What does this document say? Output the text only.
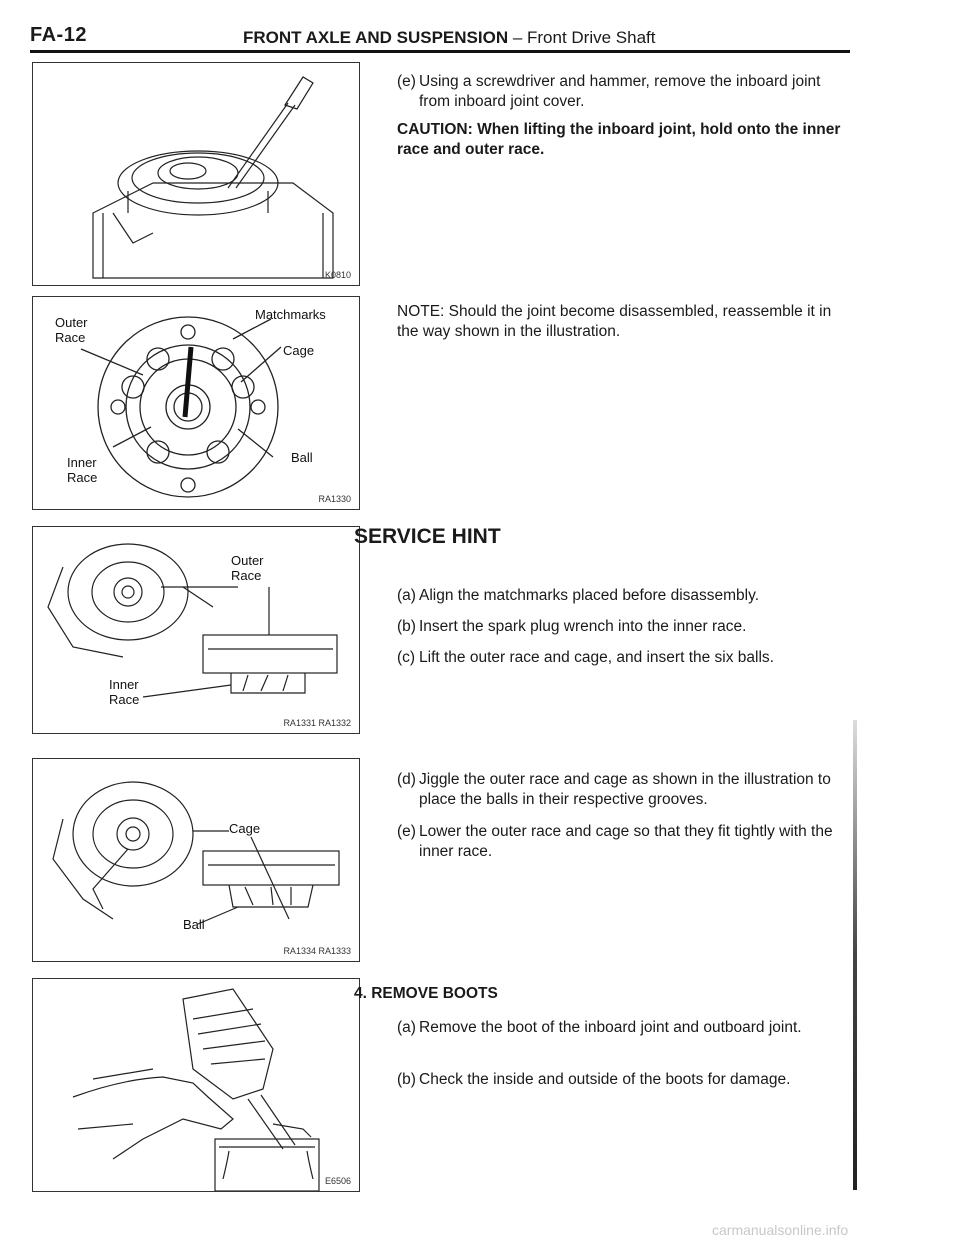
FA-12	FRONT AXLE AND SUSPENSION – Front Drive Shaft
K0810
Outer Race
Matchmarks
Cage
Inner Race
Ball
RA1330
Outer Race
Inner Race
RA1331 RA1332
Cage
Ball
RA1334 RA1333
E6506
(e) Using a screwdriver and hammer, remove the inboard joint from inboard joint cover.
CAUTION: When lifting the inboard joint, hold onto the inner race and outer race.
NOTE: Should the joint become disassembled, reassemble it in the way shown in the illustration.
SERVICE HINT
(a) Align the matchmarks placed before disassembly.
(b) Insert the spark plug wrench into the inner race.
(c) Lift the outer race and cage, and insert the six balls.
(d) Jiggle the outer race and cage as shown in the illustration to place the balls in their respective grooves.
(e) Lower the outer race and cage so that they fit tightly with the inner race.
4. REMOVE BOOTS
(a) Remove the boot of the inboard joint and outboard joint.
(b) Check the inside and outside of the boots for damage.
carmanualsonline.info
